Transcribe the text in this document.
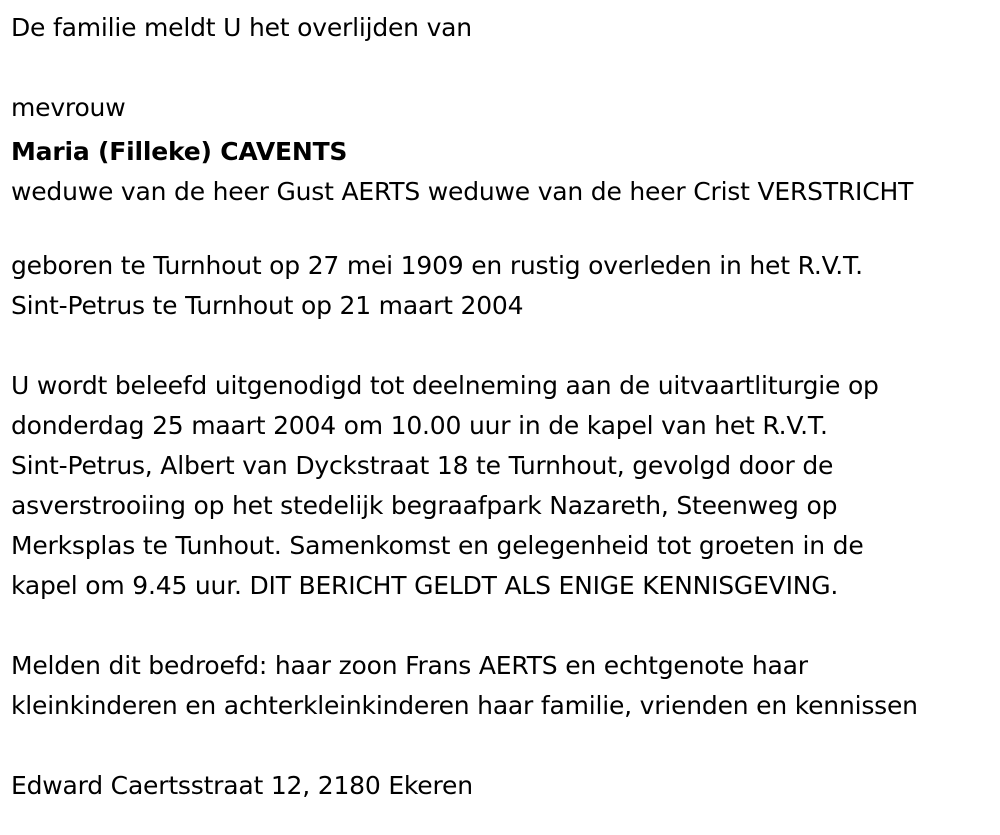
De familie meldt U het overlijden van
mevrouw
Maria (Filleke) CAVENTS
weduwe van de heer Gust AERTS weduwe van de heer Crist VERSTRICHT
geboren te Turnhout op 27 mei 1909 en rustig overleden in het R.V.T.
Sint-Petrus te Turnhout op 21 maart 2004
U wordt beleefd uitgenodigd tot deelneming aan de uitvaartliturgie op
donderdag 25 maart 2004 om 10.00 uur in de kapel van het R.V.T.
Sint-Petrus, Albert van Dyckstraat 18 te Turnhout, gevolgd door de
asverstrooiing op het stedelijk begraafpark Nazareth, Steenweg op
Merksplas te Tunhout. Samenkomst en gelegenheid tot groeten in de
kapel om 9.45 uur. DIT BERICHT GELDT ALS ENIGE KENNISGEVING.
Melden dit bedroefd: haar zoon Frans AERTS en echtgenote haar
kleinkinderen en achterkleinkinderen haar familie, vrienden en kennissen
Edward Caertsstraat 12, 2180 Ekeren
